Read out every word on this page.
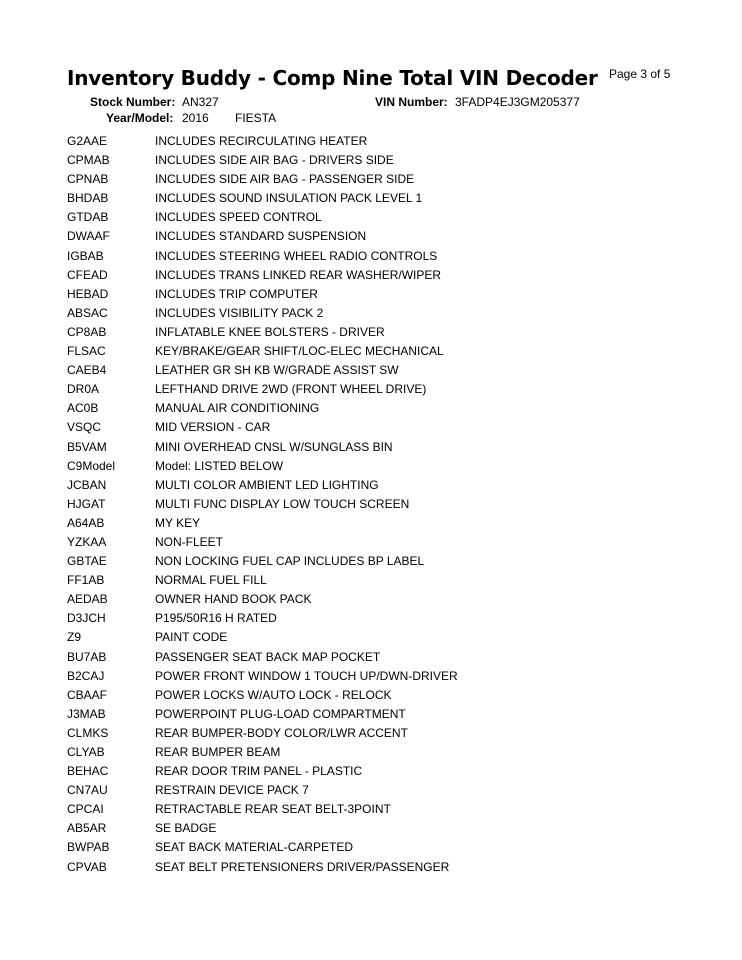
Inventory Buddy - Comp Nine Total VIN Decoder Page 3 of 5
Stock Number: AN327
Year/Model: 2016 FIESTA
VIN Number: 3FADP4EJ3GM205377
G2AAE	INCLUDES RECIRCULATING HEATER
CPMAB	INCLUDES SIDE AIR BAG - DRIVERS SIDE
CPNAB	INCLUDES SIDE AIR BAG - PASSENGER SIDE
BHDAB	INCLUDES SOUND INSULATION PACK LEVEL 1
GTDAB	INCLUDES SPEED CONTROL
DWAAF	INCLUDES STANDARD SUSPENSION
IGBAB	INCLUDES STEERING WHEEL RADIO CONTROLS
CFEAD	INCLUDES TRANS LINKED REAR WASHER/WIPER
HEBAD	INCLUDES TRIP COMPUTER
ABSAC	INCLUDES VISIBILITY PACK 2
CP8AB	INFLATABLE KNEE BOLSTERS - DRIVER
FLSAC	KEY/BRAKE/GEAR SHIFT/LOC-ELEC MECHANICAL
CAEB4	LEATHER GR SH KB W/GRADE ASSIST SW
DR0A	LEFTHAND DRIVE 2WD (FRONT WHEEL DRIVE)
AC0B	MANUAL AIR CONDITIONING
VSQC	MID VERSION - CAR
B5VAM	MINI OVERHEAD CNSL W/SUNGLASS BIN
C9Model	Model: LISTED BELOW
JCBAN	MULTI COLOR AMBIENT LED LIGHTING
HJGAT	MULTI FUNC DISPLAY LOW TOUCH SCREEN
A64AB	MY KEY
YZKAA	NON-FLEET
GBTAE	NON LOCKING FUEL CAP INCLUDES BP LABEL
FF1AB	NORMAL FUEL FILL
AEDAB	OWNER HAND BOOK PACK
D3JCH	P195/50R16 H RATED
Z9	PAINT CODE
BU7AB	PASSENGER SEAT BACK MAP POCKET
B2CAJ	POWER FRONT WINDOW 1 TOUCH UP/DWN-DRIVER
CBAAF	POWER LOCKS W/AUTO LOCK - RELOCK
J3MAB	POWERPOINT PLUG-LOAD COMPARTMENT
CLMKS	REAR BUMPER-BODY COLOR/LWR ACCENT
CLYAB	REAR BUMPER BEAM
BEHAC	REAR DOOR TRIM PANEL - PLASTIC
CN7AU	RESTRAIN DEVICE PACK 7
CPCAI	RETRACTABLE REAR SEAT BELT-3POINT
AB5AR	SE BADGE
BWPAB	SEAT BACK MATERIAL-CARPETED
CPVAB	SEAT BELT PRETENSIONERS DRIVER/PASSENGER
